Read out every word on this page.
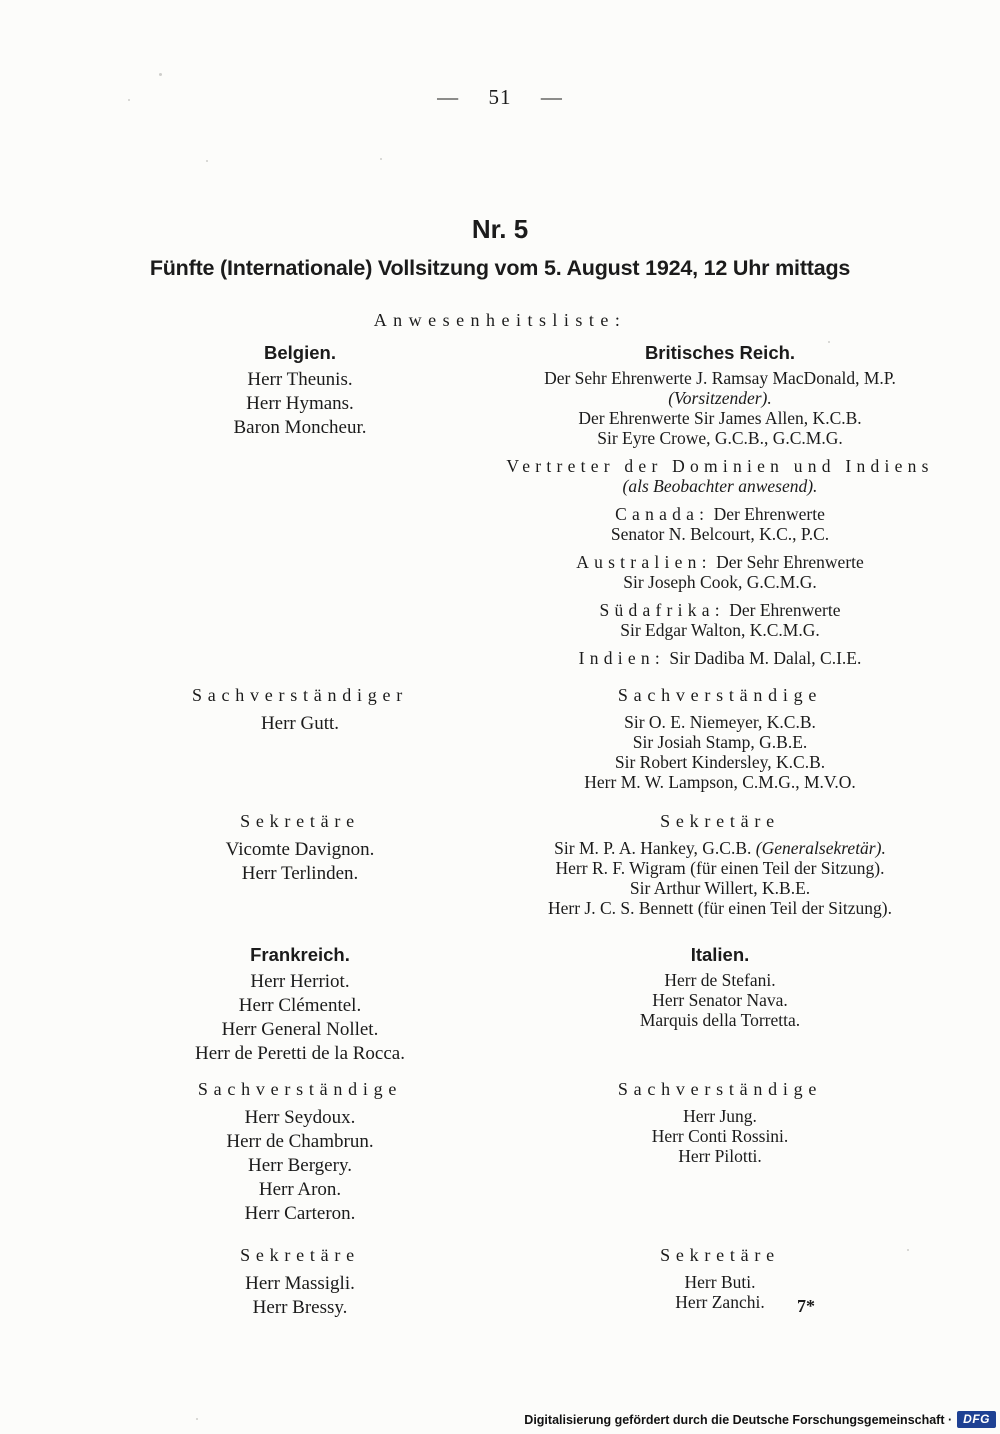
— 51 —
Nr. 5
Fünfte (Internationale) Vollsitzung vom 5. August 1924, 12 Uhr mittags
Anwesenheitsliste:
Belgien.
Herr Theunis.
Herr Hymans.
Baron Moncheur.
Britisches Reich.
Der Sehr Ehrenwerte J. Ramsay MacDonald, M.P.
(Vorsitzender).
Der Ehrenwerte Sir James Allen, K.C.B.
Sir Eyre Crowe, G.C.B., G.C.M.G.
Vertreter der Dominien und Indiens
(als Beobachter anwesend).
Canada: Der Ehrenwerte
Senator N. Belcourt, K.C., P.C.
Australien: Der Sehr Ehrenwerte
Sir Joseph Cook, G.C.M.G.
Südafrika: Der Ehrenwerte
Sir Edgar Walton, K.C.M.G.
Indien: Sir Dadiba M. Dalal, C.I.E.
Sachverständiger
Herr Gutt.
Sachverständige
Sir O. E. Niemeyer, K.C.B.
Sir Josiah Stamp, G.B.E.
Sir Robert Kindersley, K.C.B.
Herr M. W. Lampson, C.M.G., M.V.O.
Sekretäre
Vicomte Davignon.
Herr Terlinden.
Sekretäre
Sir M. P. A. Hankey, G.C.B. (Generalsekretär).
Herr R. F. Wigram (für einen Teil der Sitzung).
Sir Arthur Willert, K.B.E.
Herr J. C. S. Bennett (für einen Teil der Sitzung).
Frankreich.
Herr Herriot.
Herr Clémentel.
Herr General Nollet.
Herr de Peretti de la Rocca.
Italien.
Herr de Stefani.
Herr Senator Nava.
Marquis della Torretta.
Sachverständige
Herr Seydoux.
Herr de Chambrun.
Herr Bergery.
Herr Aron.
Herr Carteron.
Sachverständige
Herr Jung.
Herr Conti Rossini.
Herr Pilotti.
Sekretäre
Herr Massigli.
Herr Bressy.
Sekretäre
Herr Buti.
Herr Zanchi.	7*
Digitalisierung gefördert durch die Deutsche Forschungsgemeinschaft · DFG
